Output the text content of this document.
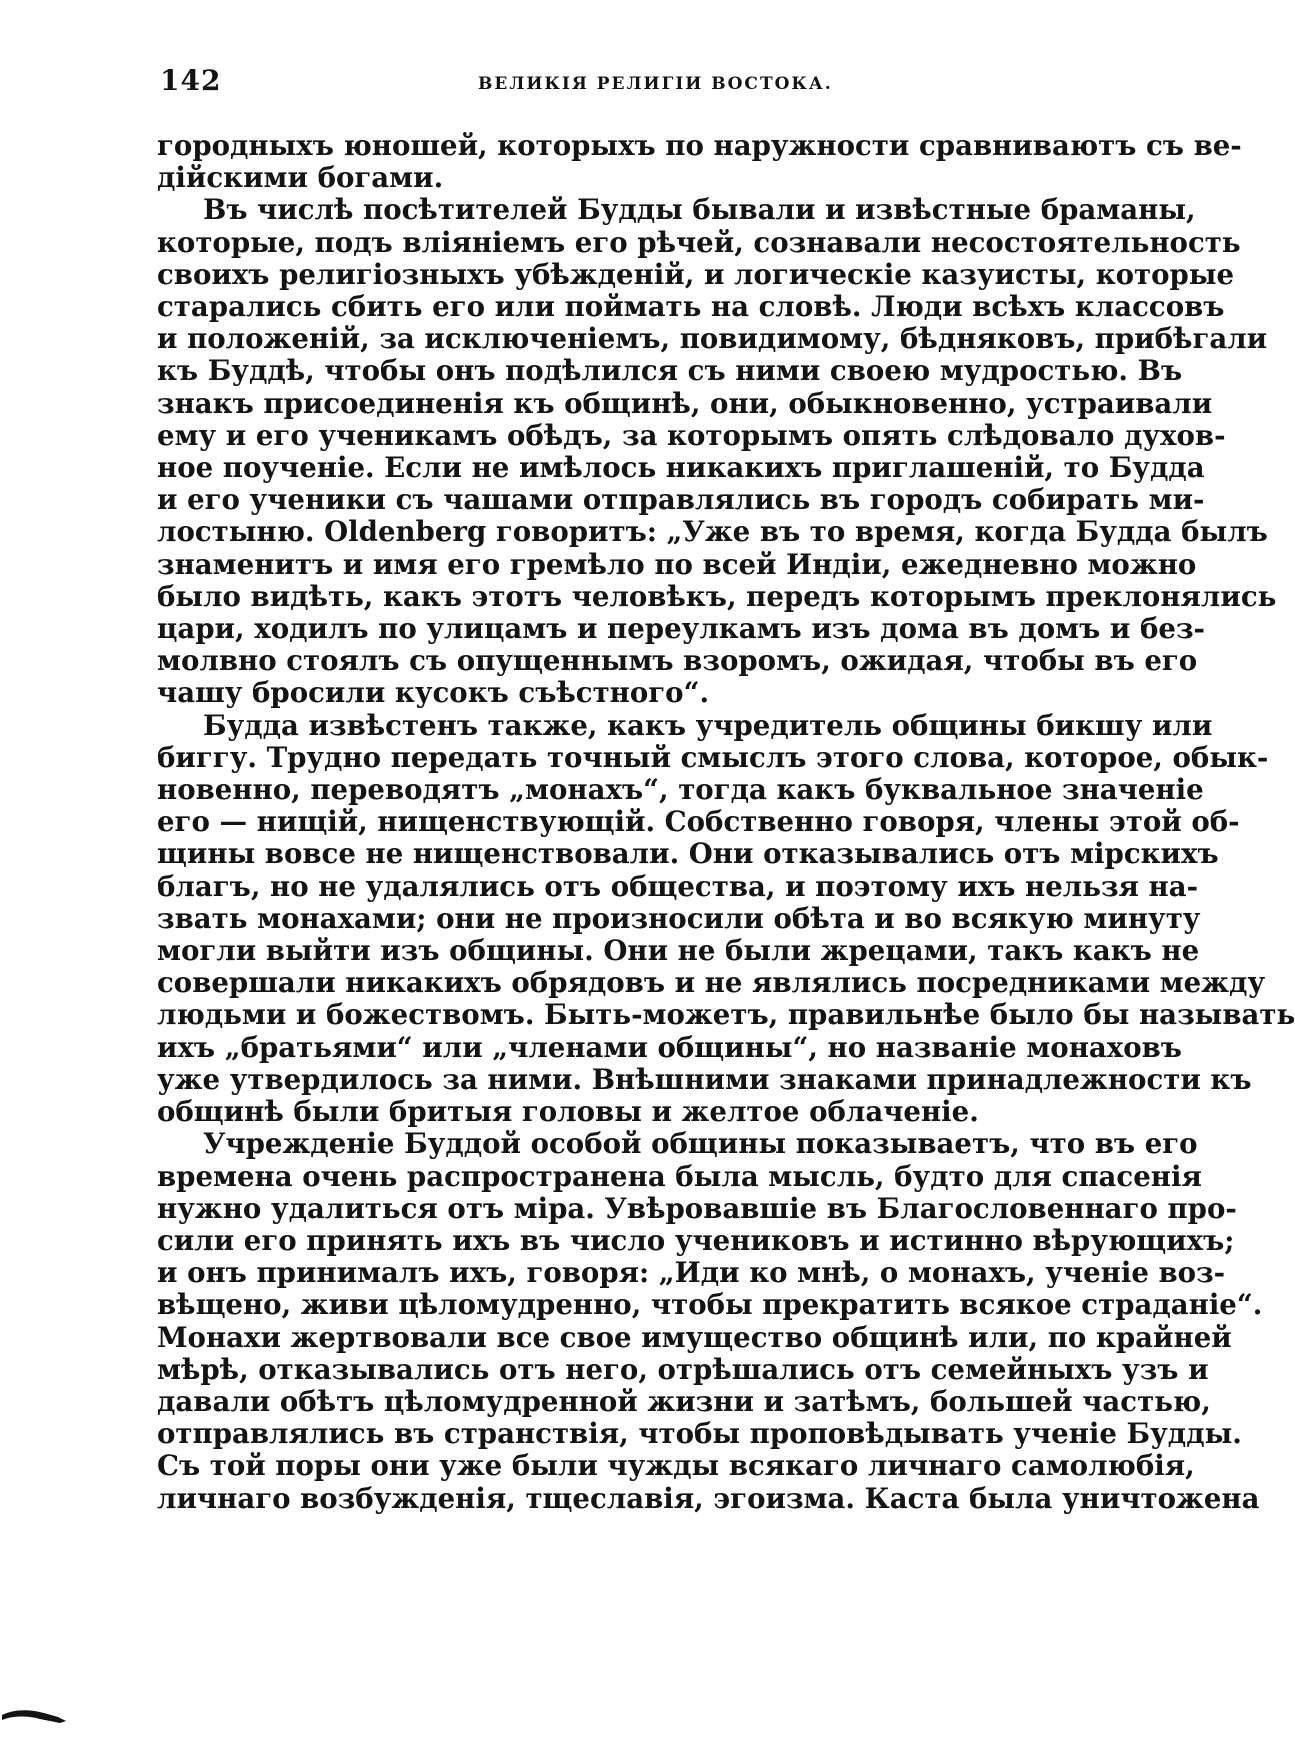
142	ВЕЛИКІЯ РЕЛИГІИ ВОСТОКА.
городныхъ юношей, которыхъ по наружности сравниваютъ съ ве-
дійскими богами.
Въ числѣ посѣтителей Будды бывали и извѣстные браманы,
которые, подъ вліяніемъ его рѣчей, сознавали несостоятельность
своихъ религіозныхъ убѣжденій, и логическіе казуисты, которые
старались сбить его или поймать на словѣ. Люди всѣхъ классовъ
и положеній, за исключеніемъ, повидимому, бѣдняковъ, прибѣгали
къ Буддѣ, чтобы онъ подѣлился съ ними своею мудростью. Въ
знакъ присоединенія къ общинѣ, они, обыкновенно, устраивали
ему и его ученикамъ обѣдъ, за которымъ опять слѣдовало духов-
ное поученіе. Если не имѣлось никакихъ приглашеній, то Будда
и его ученики съ чашами отправлялись въ городъ собирать ми-
лостыню. Oldenberg говоритъ: „Уже въ то время, когда Будда былъ
знаменитъ и имя его гремѣло по всей Индіи, ежедневно можно
было видѣть, какъ этотъ человѣкъ, передъ которымъ преклонялись
цари, ходилъ по улицамъ и переулкамъ изъ дома въ домъ и без-
молвно стоялъ съ опущеннымъ взоромъ, ожидая, чтобы въ его
чашу бросили кусокъ съѣстного“.
Будда извѣстенъ также, какъ учредитель общины бикшу или
биггу. Трудно передать точный смыслъ этого слова, которое, обык-
новенно, переводятъ „монахъ“, тогда какъ буквальное значеніе
его — нищій, нищенствующій. Собственно говоря, члены этой об-
щины вовсе не нищенствовали. Они отказывались отъ мірскихъ
благъ, но не удалялись отъ общества, и поэтому ихъ нельзя на-
звать монахами; они не произносили обѣта и во всякую минуту
могли выйти изъ общины. Они не были жрецами, такъ какъ не
совершали никакихъ обрядовъ и не являлись посредниками между
людьми и божествомъ. Быть-можетъ, правильнѣе было бы называть
ихъ „братьями“ или „членами общины“, но названіе монаховъ
уже утвердилось за ними. Внѣшними знаками принадлежности къ
общинѣ были бритыя головы и желтое облаченіе.
Учрежденіе Буддой особой общины показываетъ, что въ его
времена очень распространена была мысль, будто для спасенія
нужно удалиться отъ міра. Увѣровавшіе въ Благословеннаго про-
сили его принять ихъ въ число учениковъ и истинно вѣрующихъ;
и онъ принималъ ихъ, говоря: „Иди ко мнѣ, о монахъ, ученіе воз-
вѣщено, живи цѣломудренно, чтобы прекратить всякое страданіе“.
Монахи жертвовали все свое имущество общинѣ или, по крайней
мѣрѣ, отказывались отъ него, отрѣшались отъ семейныхъ узъ и
давали обѣтъ цѣломудренной жизни и затѣмъ, большей частью,
отправлялись въ странствія, чтобы проповѣдывать ученіе Будды.
Съ той поры они уже были чужды всякаго личнаго самолюбія,
личнаго возбужденія, тщеславія, эгоизма. Каста была уничтожена
